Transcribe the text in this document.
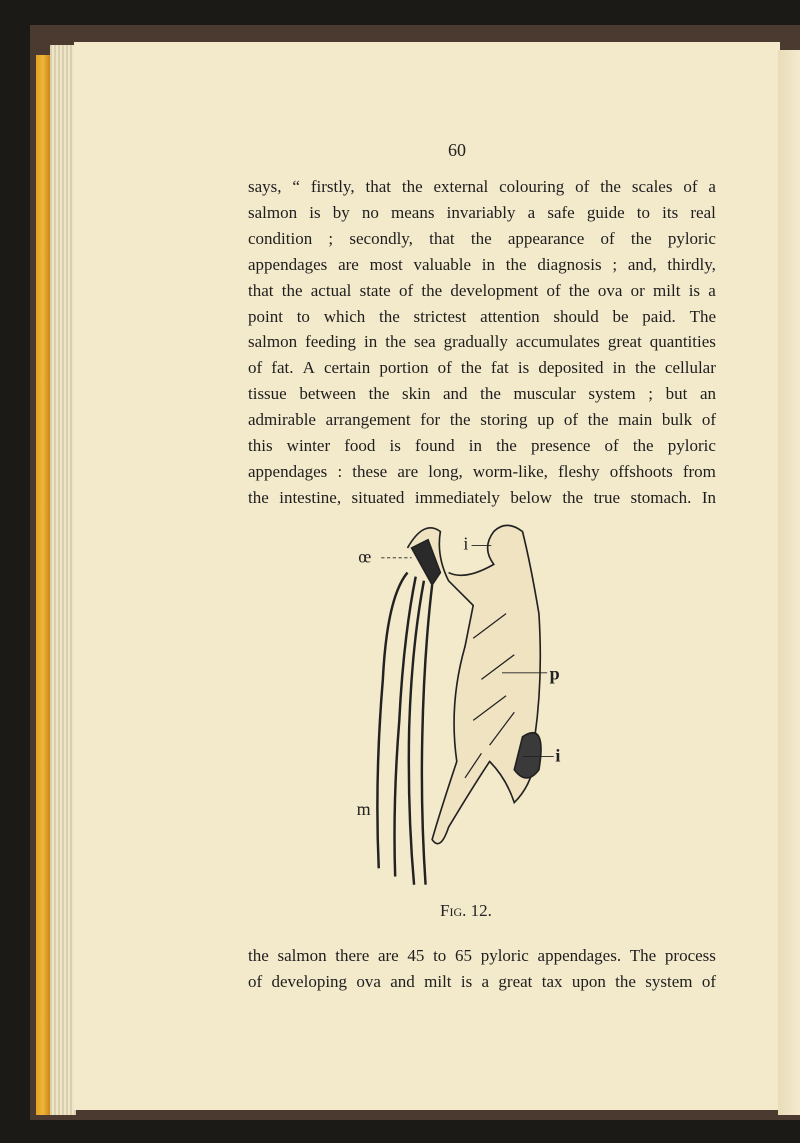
60
says, “ firstly, that the external colouring of the scales of a
salmon is by no means invariably a safe guide to its real
condition ; secondly, that the appearance of the pyloric
appendages are most valuable in the diagnosis ; and, thirdly,
that the actual state of the development of the ova or milt is a
point to which the strictest attention should be paid. The
salmon feeding in the sea gradually accumulates great quantities
of fat. A certain portion of the fat is deposited in the cellular
tissue between the skin and the muscular system ; but an
admirable arrangement for the storing up of the main bulk of
this winter food is found in the presence of the pyloric
appendages : these are long, worm-like, fleshy offshoots from
the intestine, situated immediately below the true stomach. In
œ
i
p
i
m
Fig. 12.
the salmon there are 45 to 65 pyloric appendages. The process
of developing ova and milt is a great tax upon the system of
